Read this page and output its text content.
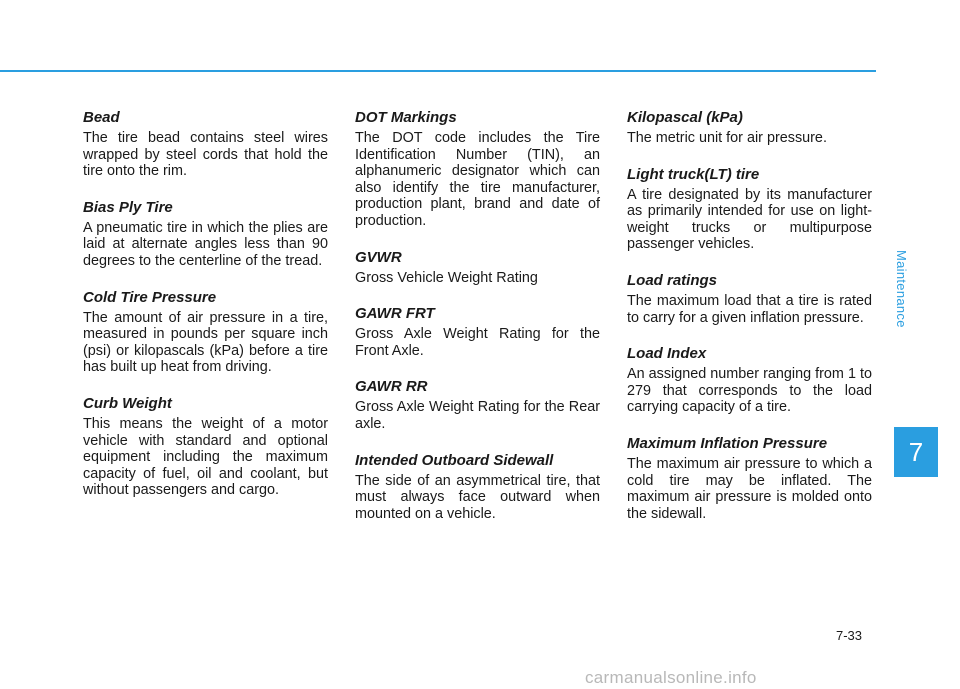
Bead

The tire bead contains steel wires wrapped by steel cords that hold the tire onto the rim.

Bias Ply Tire

A pneumatic tire in which the plies are laid at alternate angles less than 90 degrees to the centerline of the tread.

Cold Tire Pressure

The amount of air pressure in a tire, measured in pounds per square inch (psi) or kilopascals (kPa) before a tire has built up heat from driving.

Curb Weight

This means the weight of a motor vehicle with standard and optional equipment including the maximum capacity of fuel, oil and coolant, but without passengers and cargo.

DOT Markings

The DOT code includes the Tire Identification Number (TIN), an alphanumeric designator which can also identify the tire manufacturer, production plant, brand and date of production.

GVWR

Gross Vehicle Weight Rating

GAWR FRT

Gross Axle Weight Rating for the Front Axle.

GAWR RR

Gross Axle Weight Rating for the Rear axle.

Intended Outboard Sidewall

The side of an asymmetrical tire, that must always face outward when mounted on a vehicle.

Kilopascal (kPa)

The metric unit for air pressure.

Light truck(LT) tire

A tire designated by its manufacturer as primarily intended for use on light-weight trucks or multipurpose passenger vehicles.

Load ratings

The maximum load that a tire is rated to carry for a given inflation pressure.

Load Index

An assigned number ranging from 1 to 279 that corresponds to the load carrying capacity of a tire.

Maximum Inflation Pressure

The maximum air pressure to which a cold tire may be inflated. The maximum air pressure is molded onto the sidewall.

Maintenance
7
7-33
carmanualsonline.info
